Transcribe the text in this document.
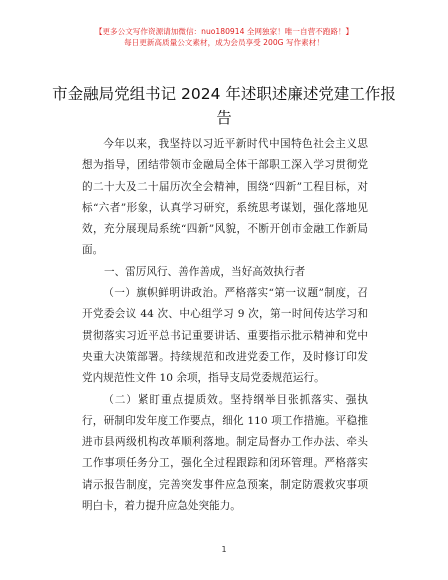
【更多公文写作资源请加微信：nuo180914 全网独家！唯一自营不跑路！】
每日更新高质量公文素材，成为会员享受 200G 写作素材！
市金融局党组书记 2024 年述职述廉述党建工作报告

今年以来，我坚持以习近平新时代中国特色社会主义思想为指导，团结带领市金融局全体干部职工深入学习贯彻党的二十大及二十届历次全会精神，围绕“四新”工程目标，对标“六者”形象，认真学习研究，系统思考谋划，强化落地见效，充分展现局系统“四新”风貌，不断开创市金融工作新局面。

一、雷厉风行、善作善成，当好高效执行者

（一）旗帜鲜明讲政治。严格落实“第一议题”制度，召开党委会议 44 次、中心组学习 9 次，第一时间传达学习和贯彻落实习近平总书记重要讲话、重要指示批示精神和党中央重大决策部署。持续规范和改进党委工作，及时修订印发党内规范性文件 10 余项，指导支局党委规范运行。

（二）紧盯重点提质效。坚持纲举目张抓落实、强执行，研制印发年度工作要点，细化 110 项工作措施。平稳推进市县两级机构改革顺利落地。制定局督办工作办法、牵头工作事项任务分工，强化全过程跟踪和闭环管理。严格落实请示报告制度，完善突发事件应急预案，制定防震救灾事项明白卡，着力提升应急处突能力。

1
